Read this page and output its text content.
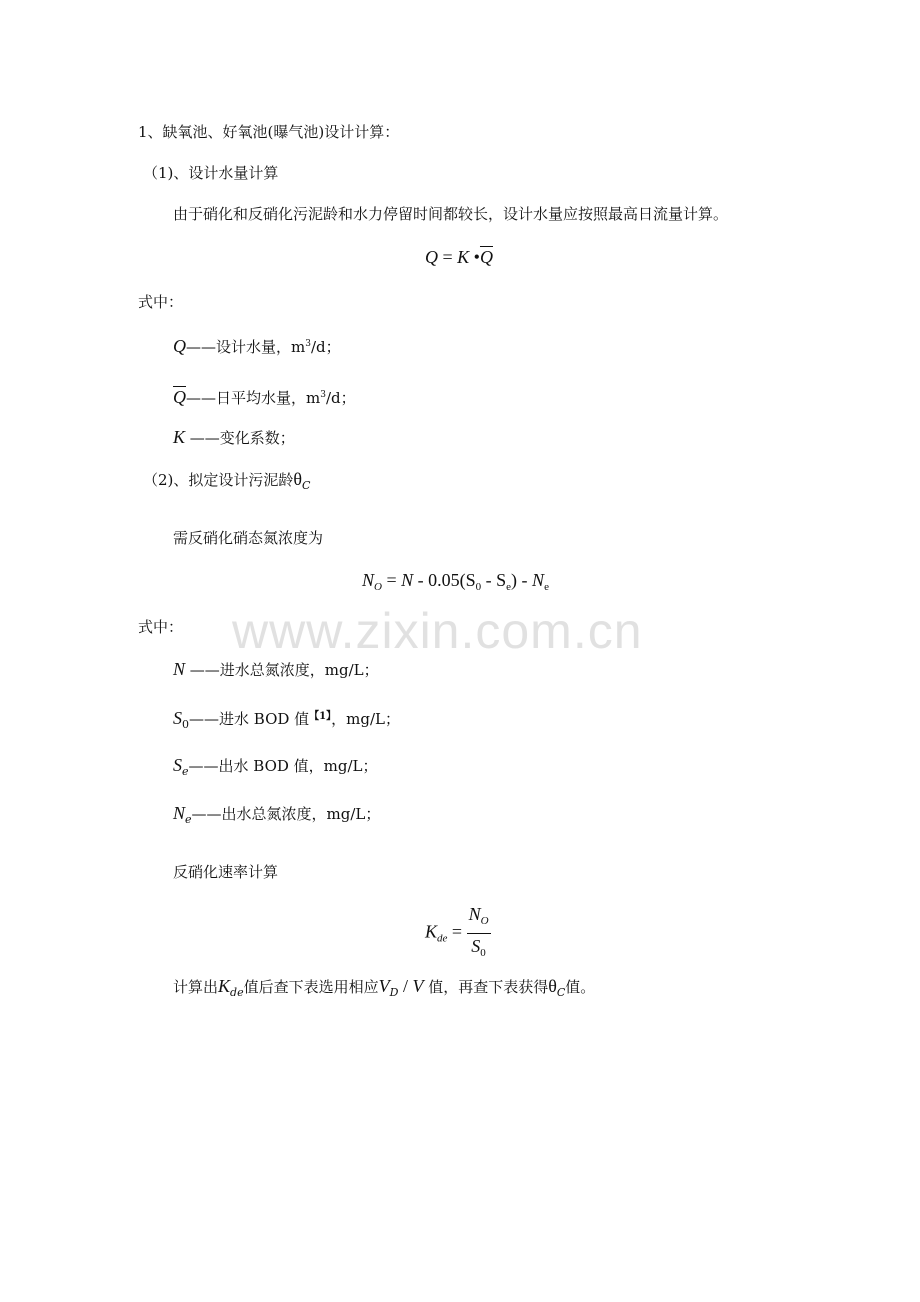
1、缺氧池、好氧池(曝气池)设计计算：
（1)、设计水量计算
由于硝化和反硝化污泥龄和水力停留时间都较长，设计水量应按照最高日流量计算。
Q = K $•\overline{Q}$
式中：
Q——设计水量，$m^3/d$；
$\overline{Q}——$日平均水量，$m^3/d$；
K ——变化系数；
（2)、拟定设计污泥龄$\theta_C$
需反硝化硝态氮浓度为
$N_O = N - 0.05(S_0 - S_e) - N_e$
式中： www.zixin.com.cn
N ——进水总氮浓度，mg/L；
$S_0——$进水 BOD 值$^{【1】}$，mg/L；
$S_e——$出水 BOD 值，mg/L；
$N_e——$出水总氮浓度，mg/L；
反硝化速率计算
$K_{de} = \frac{N_O}{S_0}$
计算出$K_{de}$值后查下表选用相应$V_D$ / V 值，再查下表获得$\theta_C$值。
